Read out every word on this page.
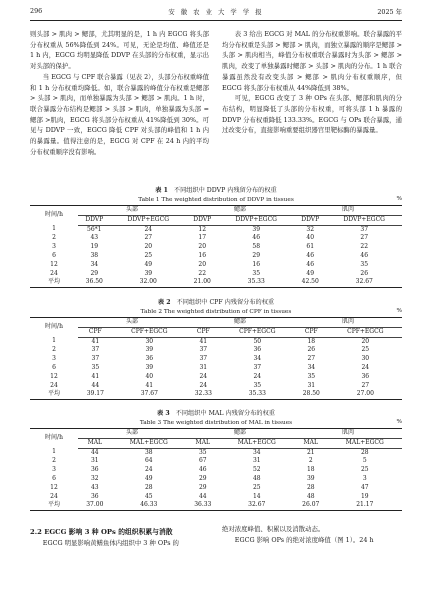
296	安 徽 农 业 大 学 学 报	2025 年

则头部 > 肌肉 > 鳃部，尤其明显的是，1 h 内 EGCG 将头部分布权重从 56%降低到 24%。可见，无论是均值、峰值还是 1 h 内，EGCG 均明显降低 DDVP 在头部的分布权重，显示出对头部的保护。

当 EGCG 与 CPF 联合暴露（见表 2），头部分布权重峰值和 1 h 分布权重均降低。如，联合暴露的峰值分布权重是鳃部 > 头部 > 肌肉，而单独暴露为头部 > 鳃部 > 肌肉。1 h 时，联合暴露分布结构是鳃部 > 头部 > 肌肉，单独暴露为头部 = 鳃部 >肌肉，EGCG 将头部分布权重从 41%降低到 30%。可见与 DDVP 一致，EGCG 降低 CPF 对头部的峰值和 1 h 内的暴露量。值得注意的是，EGCG 对 CPF 在 24 h 内的平均分布权重顺序没有影响。

表 3 给出 EGCG 对 MAL 的分布权重影响。联合暴露的平均分布权重是头部 > 鳃部 > 肌肉，而独立暴露的顺序是鳃部 > 头部 > 肌肉相当，峰值分布权重联合暴露时为头部 > 鳃部 > 肌肉，改变了单独暴露时鳃部 > 头部 > 肌肉的分布。1 h 联合暴露虽然没有改变头部 > 鳃部 > 肌肉分布权重顺序，但 EGCG 将头部分布权重从 44%降低到 38%。

可见，EGCG 改变了 3 种 OPs 在头部、鳃部和肌肉的分布结构，明显降低了头部的分布权重，可将头部 1 h 暴露的 DDVP 分布权重降低 133.33%。EGCG 与 OPs 联合暴露，通过改变分布，直接影响重要组织器官里靶标酶的暴露量。

表 1 不同组织中 DDVP 内残留分布的权重
Table 1 The weighted distribution of DDVP in tissues	%
时间/h	头部		鳃部		肌肉	
	DDVP	DDVP+EGCG	DDVP	DDVP+EGCG	DDVP	DDVP+EGCG
1	56*1	24	12	39	32	37
2	43	27	17	46	40	27
3	19	20	20	58	61	22
6	38	25	16	29	46	46
12	34	49	20	16	46	35
24	29	39	22	35	49	26
平均	36.50	32.00	21.00	35.33	42.50	32.67
表 2 不同组织中 CPF 内残留分布的权重
Table 2 The weighted distribution of CPF in tissues	%
时间/h	头部		鳃部		肌肉	
	CPF	CPF+EGCG	CPF	CPF+EGCG	CPF	CPF+EGCG
1	41	30	41	50	18	20
2	37	39	37	36	26	25
3	37	36	37	34	27	30
6	35	39	31	37	34	24
12	41	40	24	24	35	36
24	44	41	24	35	31	27
平均	39.17	37.67	32.33	35.33	28.50	27.00
表 3 不同组织中 MAL 内残留分布的权重
Table 3 The weighted distribution of MAL in tissues	%
时间/h	头部		鳃部		肌肉	
	MAL	MAL+EGCG	MAL	MAL+EGCG	MAL	MAL+EGCG
1	44	38	35	34	21	28
2	31	64	67	31	2	5
3	36	24	46	52	18	25
6	32	49	29	48	39	3
12	43	28	29	25	28	47
24	36	45	44	14	48	19
平均	37.00	46.33	36.33	32.67	26.07	21.17
2.2 EGCG 影响 3 种 OPs 的组织积累与消散

EGCG 明显影响黄鳝鱼体内组织中 3 种 OPs 的

绝对浓度峰值、积累以及消散动态。

EGCG 影响 OPs 的绝对浓度峰值（图 1）。24 h
